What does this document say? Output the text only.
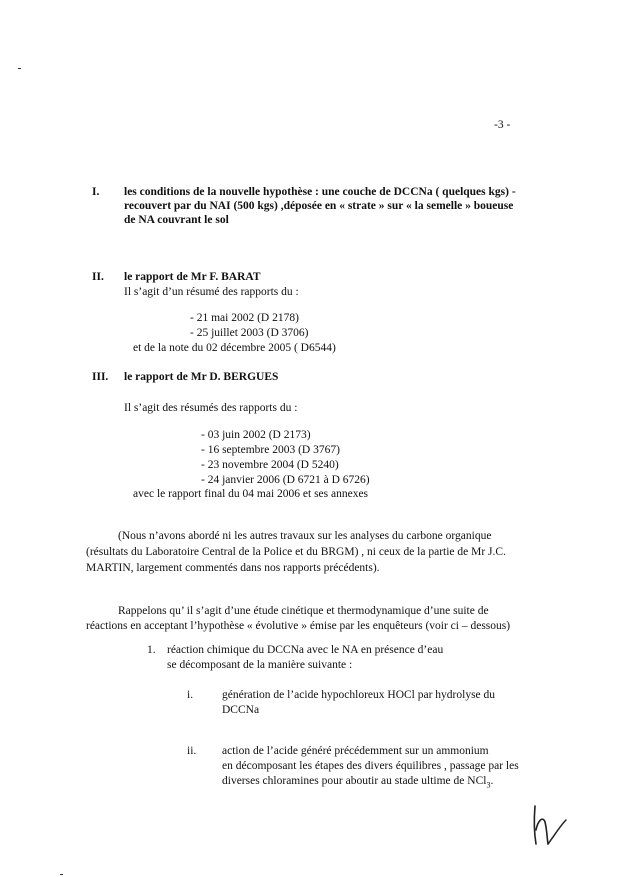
-3 -
I. les conditions de la nouvelle hypothèse : une couche de DCCNa ( quelques kgs) -
recouvert par du NAI (500 kgs) ,déposée en « strate » sur « la semelle » boueuse
de NA couvrant le sol
II. le rapport de Mr F. BARAT
Il s’agit d’un résumé des rapports du :
- 21 mai 2002 (D 2178)
- 25 juillet 2003 (D 3706)
et de la note du 02 décembre 2005 ( D6544)
III. le rapport de Mr D. BERGUES
Il s’agit des résumés des rapports du :
- 03 juin 2002 (D 2173)
- 16 septembre 2003 (D 3767)
- 23 novembre 2004 (D 5240)
- 24 janvier 2006 (D 6721 à D 6726)
avec le rapport final du 04 mai 2006 et ses annexes
(Nous n’avons abordé ni les autres travaux sur les analyses du carbone organique
(résultats du Laboratoire Central de la Police et du BRGM) , ni ceux de la partie de Mr J.C.
MARTIN, largement commentés dans nos rapports précédents).
Rappelons qu’ il s’agit d’une étude cinétique et thermodynamique d’une suite de
réactions en acceptant l’hypothèse « évolutive » émise par les enquêteurs (voir ci – dessous)
1. réaction chimique du DCCNa avec le NA en présence d’eau
se décomposant de la manière suivante :
i.	génération de l’acide hypochloreux HOCl par hydrolyse du
DCCNa
ii. action de l’acide généré précédemment sur un ammonium
en décomposant les étapes des divers équilibres , passage par les
diverses chloramines pour aboutir au stade ultime de NCl$_3$.
